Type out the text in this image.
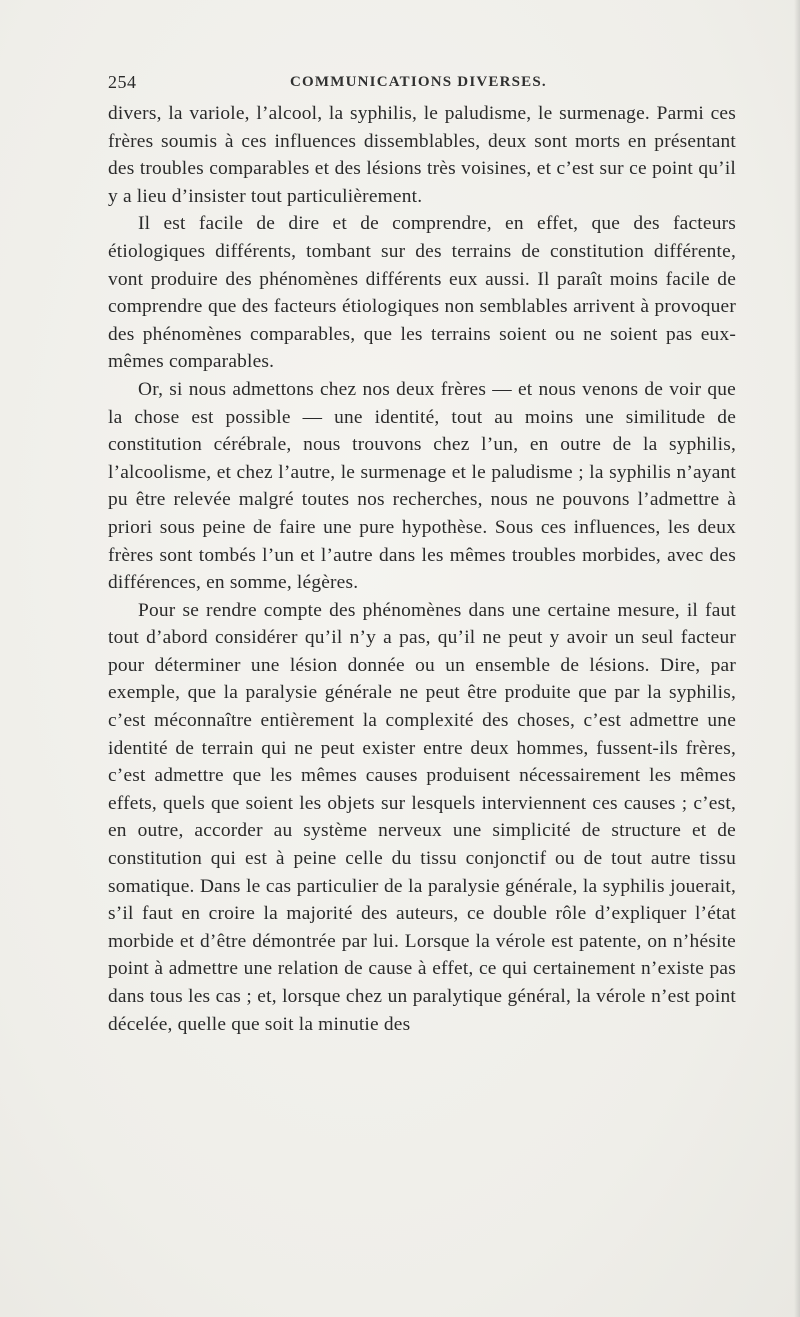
254	COMMUNICATIONS DIVERSES.

divers, la variole, l’alcool, la syphilis, le paludisme, le surmenage. Parmi ces frères soumis à ces influences dissemblables, deux sont morts en présentant des troubles comparables et des lésions très voisines, et c’est sur ce point qu’il y a lieu d’insister tout particulièrement.

Il est facile de dire et de comprendre, en effet, que des facteurs étiologiques différents, tombant sur des terrains de constitution différente, vont produire des phénomènes différents eux aussi. Il paraît moins facile de comprendre que des facteurs étiologiques non semblables arrivent à provoquer des phénomènes comparables, que les terrains soient ou ne soient pas eux-mêmes comparables.

Or, si nous admettons chez nos deux frères — et nous venons de voir que la chose est possible — une identité, tout au moins une similitude de constitution cérébrale, nous trouvons chez l’un, en outre de la syphilis, l’alcoolisme, et chez l’autre, le surmenage et le paludisme ; la syphilis n’ayant pu être relevée malgré toutes nos recherches, nous ne pouvons l’admettre à priori sous peine de faire une pure hypothèse. Sous ces influences, les deux frères sont tombés l’un et l’autre dans les mêmes troubles morbides, avec des différences, en somme, légères.

Pour se rendre compte des phénomènes dans une certaine mesure, il faut tout d’abord considérer qu’il n’y a pas, qu’il ne peut y avoir un seul facteur pour déterminer une lésion donnée ou un ensemble de lésions. Dire, par exemple, que la paralysie générale ne peut être produite que par la syphilis, c’est méconnaître entièrement la complexité des choses, c’est admettre une identité de terrain qui ne peut exister entre deux hommes, fussent-ils frères, c’est admettre que les mêmes causes produisent nécessairement les mêmes effets, quels que soient les objets sur lesquels interviennent ces causes ; c’est, en outre, accorder au système nerveux une simplicité de structure et de constitution qui est à peine celle du tissu conjonctif ou de tout autre tissu somatique. Dans le cas particulier de la paralysie générale, la syphilis jouerait, s’il faut en croire la majorité des auteurs, ce double rôle d’expliquer l’état morbide et d’être démontrée par lui. Lorsque la vérole est patente, on n’hésite point à admettre une relation de cause à effet, ce qui certainement n’existe pas dans tous les cas ; et, lorsque chez un paralytique général, la vérole n’est point décelée, quelle que soit la minutie des
